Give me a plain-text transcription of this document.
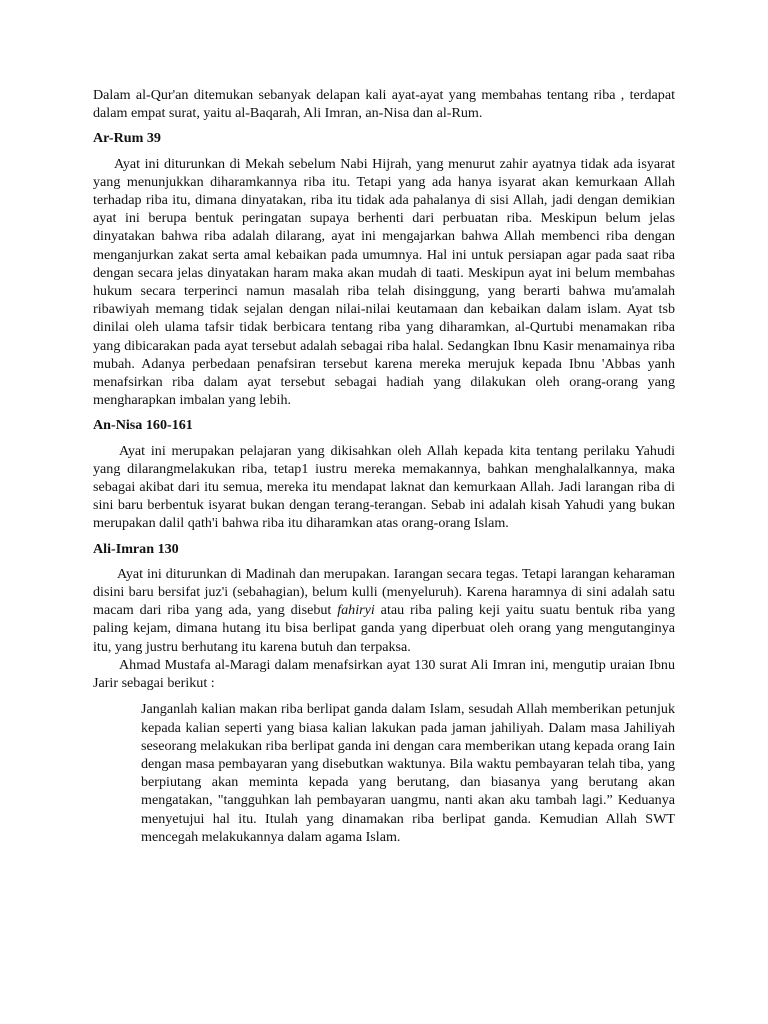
Dalam al-Qur'an ditemukan sebanyak delapan kali ayat-ayat yang membahas tentang riba , terdapat dalam empat surat, yaitu al-Baqarah, Ali Imran, an-Nisa dan al-Rum.

Ar-Rum 39

Ayat ini diturunkan di Mekah sebelum Nabi Hijrah, yang menurut zahir ayatnya tidak ada isyarat yang menunjukkan diharamkannya riba itu. Tetapi yang ada hanya isyarat akan kemurkaan Allah terhadap riba itu, dimana dinyatakan, riba itu tidak ada pahalanya di sisi Allah, jadi dengan demikian ayat ini berupa bentuk peringatan supaya berhenti dari perbuatan riba. Meskipun belum jelas dinyatakan bahwa riba adalah dilarang, ayat ini mengajarkan bahwa Allah membenci riba dengan menganjurkan zakat serta amal kebaikan pada umumnya. Hal ini untuk persiapan agar pada saat riba dengan secara jelas dinyatakan haram maka akan mudah di taati. Meskipun ayat ini belum membahas hukum secara terperinci namun masalah riba telah disinggung, yang berarti bahwa mu'amalah ribawiyah memang tidak sejalan dengan nilai-nilai keutamaan dan kebaikan dalam islam. Ayat tsb dinilai oleh ulama tafsir tidak berbicara tentang riba yang diharamkan, al-Qurtubi menamakan riba yang dibicarakan pada ayat tersebut adalah sebagai riba halal. Sedangkan Ibnu Kasir menamainya riba mubah. Adanya perbedaan penafsiran tersebut karena mereka merujuk kepada Ibnu 'Abbas yanh menafsirkan riba dalam ayat tersebut sebagai hadiah yang dilakukan oleh orang-orang yang mengharapkan imbalan yang lebih.

An-Nisa 160-161

Ayat ini merupakan pelajaran yang dikisahkan oleh Allah kepada kita tentang perilaku Yahudi yang dilarangmelakukan riba, tetap1 iustru mereka memakannya, bahkan menghalalkannya, maka sebagai akibat dari itu semua, mereka itu mendapat laknat dan kemurkaan Allah. Jadi larangan riba di sini baru berbentuk isyarat bukan dengan terang-terangan. Sebab ini adalah kisah Yahudi yang bukan merupakan dalil qath'i bahwa riba itu diharamkan atas orang-orang Islam.

Ali-Imran 130

Ayat ini diturunkan di Madinah dan merupakan. Iarangan secara tegas. Tetapi larangan keharaman disini baru bersifat juz'i (sebahagian), belum kulli (menyeluruh). Karena haramnya di sini adalah satu macam dari riba yang ada, yang disebut fahiryi atau riba paling keji yaitu suatu bentuk riba yang paling kejam, dimana hutang itu bisa berlipat ganda yang diperbuat oleh orang yang mengutanginya itu, yang justru berhutang itu karena butuh dan terpaksa.

Ahmad Mustafa al-Maragi dalam menafsirkan ayat 130 surat Ali Imran ini, mengutip uraian Ibnu Jarir sebagai berikut :

Janganlah kalian makan riba berlipat ganda dalam Islam, sesudah Allah memberikan petunjuk kepada kalian seperti yang biasa kalian lakukan pada jaman jahiliyah. Dalam masa Jahiliyah seseorang melakukan riba berlipat ganda ini dengan cara memberikan utang kepada orang Iain dengan masa pembayaran yang disebutkan waktunya. Bila waktu pembayaran telah tiba, yang berpiutang akan meminta kepada yang berutang, dan biasanya yang berutang akan mengatakan, "tangguhkan lah pembayaran uangmu, nanti akan aku tambah lagi.” Keduanya menyetujui hal itu. Itulah yang dinamakan riba berlipat ganda. Kemudian Allah SWT mencegah melakukannya dalam agama Islam.
